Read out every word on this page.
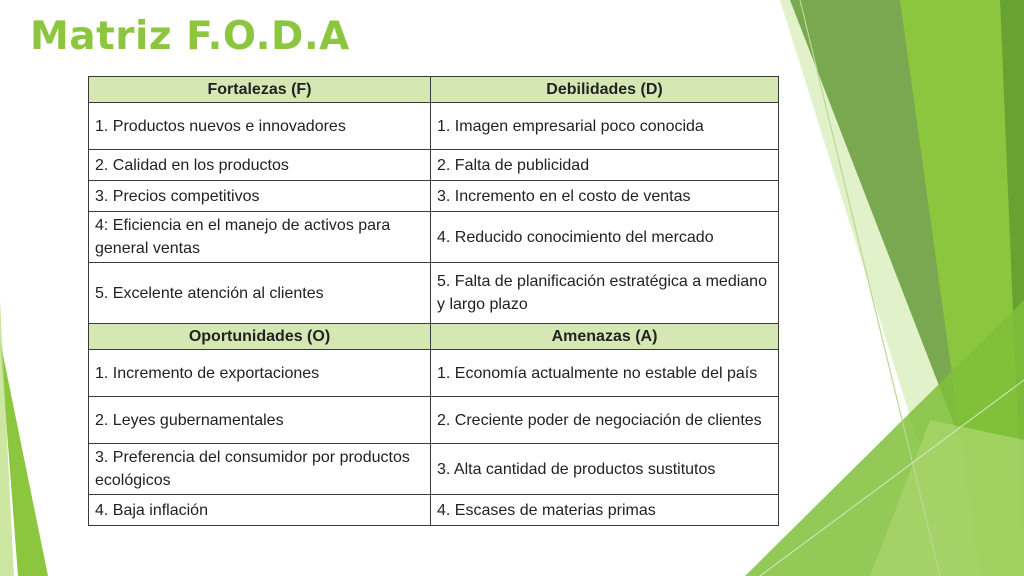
Matriz F.O.D.A
Fortalezas (F)	Debilidades (D)
1. Productos nuevos e innovadores	1. Imagen empresarial poco conocida
2. Calidad en los productos	2. Falta de publicidad
3. Precios competitivos	3. Incremento en el costo de ventas
4: Eficiencia en el manejo de activos para general ventas	4. Reducido conocimiento del mercado
5. Excelente atención al clientes	5. Falta de planificación estratégica a mediano y largo plazo
Oportunidades (O)	Amenazas (A)
1. Incremento de exportaciones	1. Economía actualmente no estable del país
2. Leyes gubernamentales	2. Creciente poder de negociación de clientes
3. Preferencia del consumidor por productos ecológicos	3. Alta cantidad de productos sustitutos
4. Baja inflación	4. Escases de materias primas
